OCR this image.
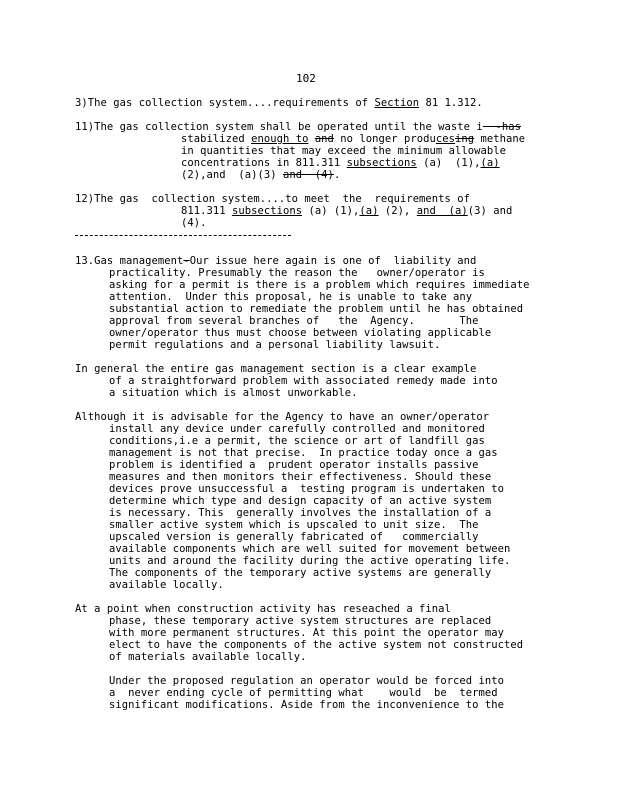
102
3)The gas collection system....requirements of Section 81 1.312.
11)The gas collection system shall be operated until the waste i  -has
stabilized enough to and no longer producesing methane
in quantities that may exceed the minimum allowable
concentrations in 811.311 subsections (a)  (1),(a)
(2),and  (a)(3) and  (4).
12)The gas  collection system....to meet  the  requirements of
811.311 subsections (a) (1),(a) (2), and  (a)(3) and
(4).
13.Gas management-Our issue here again is one of  liability and
practicality. Presumably the reason the   owner/operator is
asking for a permit is there is a problem which requires immediate
attention.  Under this proposal, he is unable to take any
substantial action to remediate the problem until he has obtained
approval from several branches of   the  Agency.       The
owner/operator thus must choose between violating applicable
permit regulations and a personal liability lawsuit.
In general the entire gas management section is a clear example
of a straightforward problem with associated remedy made into
a situation which is almost unworkable.
Although it is advisable for the Agency to have an owner/operator
install any device under carefully controlled and monitored
conditions,i.e a permit, the science or art of landfill gas
management is not that precise.  In practice today once a gas
problem is identified a  prudent operator installs passive
measures and then monitors their effectiveness. Should these
devices prove unsuccessful a  testing program is undertaken to
determine which type and design capacity of an active system
is necessary. This  generally involves the installation of a
smaller active system which is upscaled to unit size.  The
upscaled version is generally fabricated of   commercially
available components which are well suited for movement between
units and around the facility during the active operating life.
The components of the temporary active systems are generally
available locally.
At a point when construction activity has reseached a final
phase, these temporary active system structures are replaced
with more permanent structures. At this point the operator may
elect to have the components of the active system not constructed
of materials available locally.
Under the proposed regulation an operator would be forced into
a  never ending cycle of permitting what    would  be  termed
significant modifications. Aside from the inconvenience to the
